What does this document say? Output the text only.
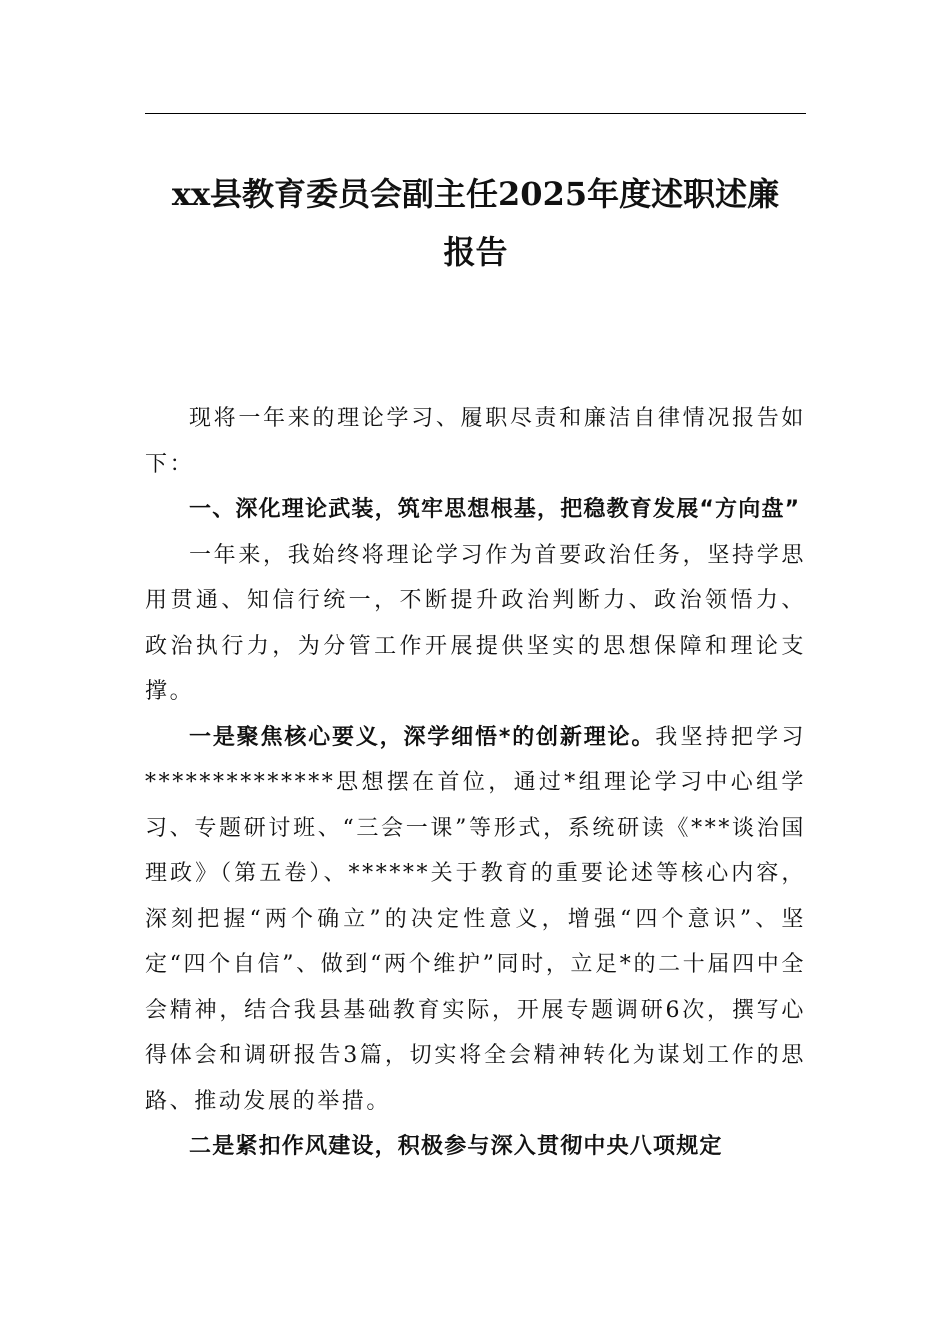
xx县教育委员会副主任2025年度述职述廉
报告

现将一年来的理论学习、履职尽责和廉洁自律情况报告如下：

一、深化理论武装，筑牢思想根基，把稳教育发展“方向盘”

一年来，我始终将理论学习作为首要政治任务，坚持学思用贯通、知信行统一，不断提升政治判断力、政治领悟力、政治执行力，为分管工作开展提供坚实的思想保障和理论支撑。

一是聚焦核心要义，深学细悟*的创新理论。我坚持把学习**************思想摆在首位，通过*组理论学习中心组学习、专题研讨班、“三会一课”等形式，系统研读《***谈治国理政》（第五卷）、******关于教育的重要论述等核心内容，深刻把握“两个确立”的决定性意义，增强“四个意识”、坚定“四个自信”、做到“两个维护”同时，立足*的二十届四中全会精神，结合我县基础教育实际，开展专题调研6次，撰写心得体会和调研报告3篇，切实将全会精神转化为谋划工作的思路、推动发展的举措。

二是紧扣作风建设，积极参与深入贯彻中央八项规定
